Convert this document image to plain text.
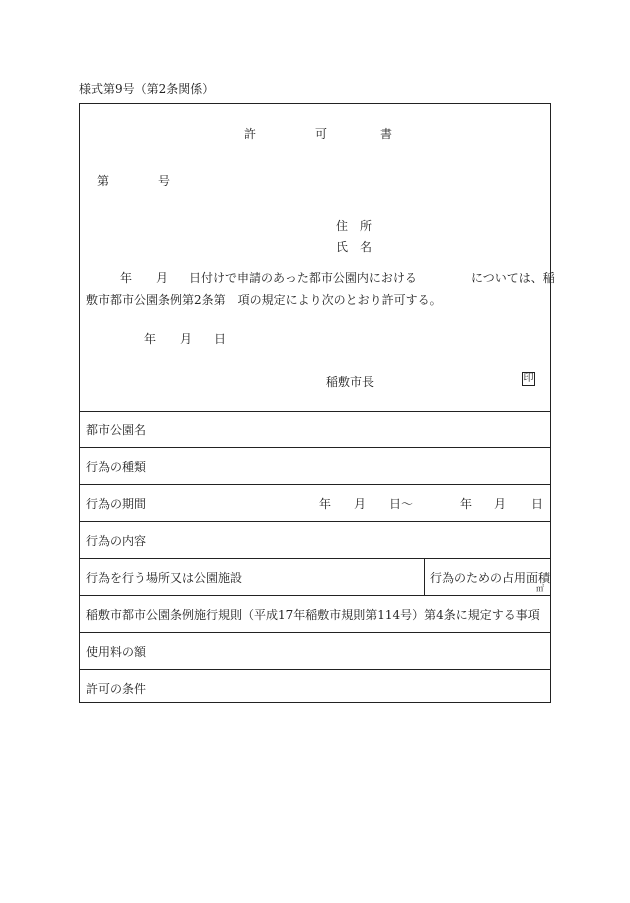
様式第9号（第2条関係）
許	可	書
第	号
住　所
氏　名
年 月 日付けで申請のあった都市公園内における	については、稲
敷市都市公園条例第2条第　項の規定により次のとおり許可する。
年 月 日
稲敷市長	印
都市公園名
行為の種類
行為の期間	年 月 日〜	年 月 日
行為の内容
行為を行う場所又は公園施設	行為のための占用面積
㎡
稲敷市都市公園条例施行規則（平成17年稲敷市規則第114号）第4条に規定する事項
使用料の額
許可の条件
